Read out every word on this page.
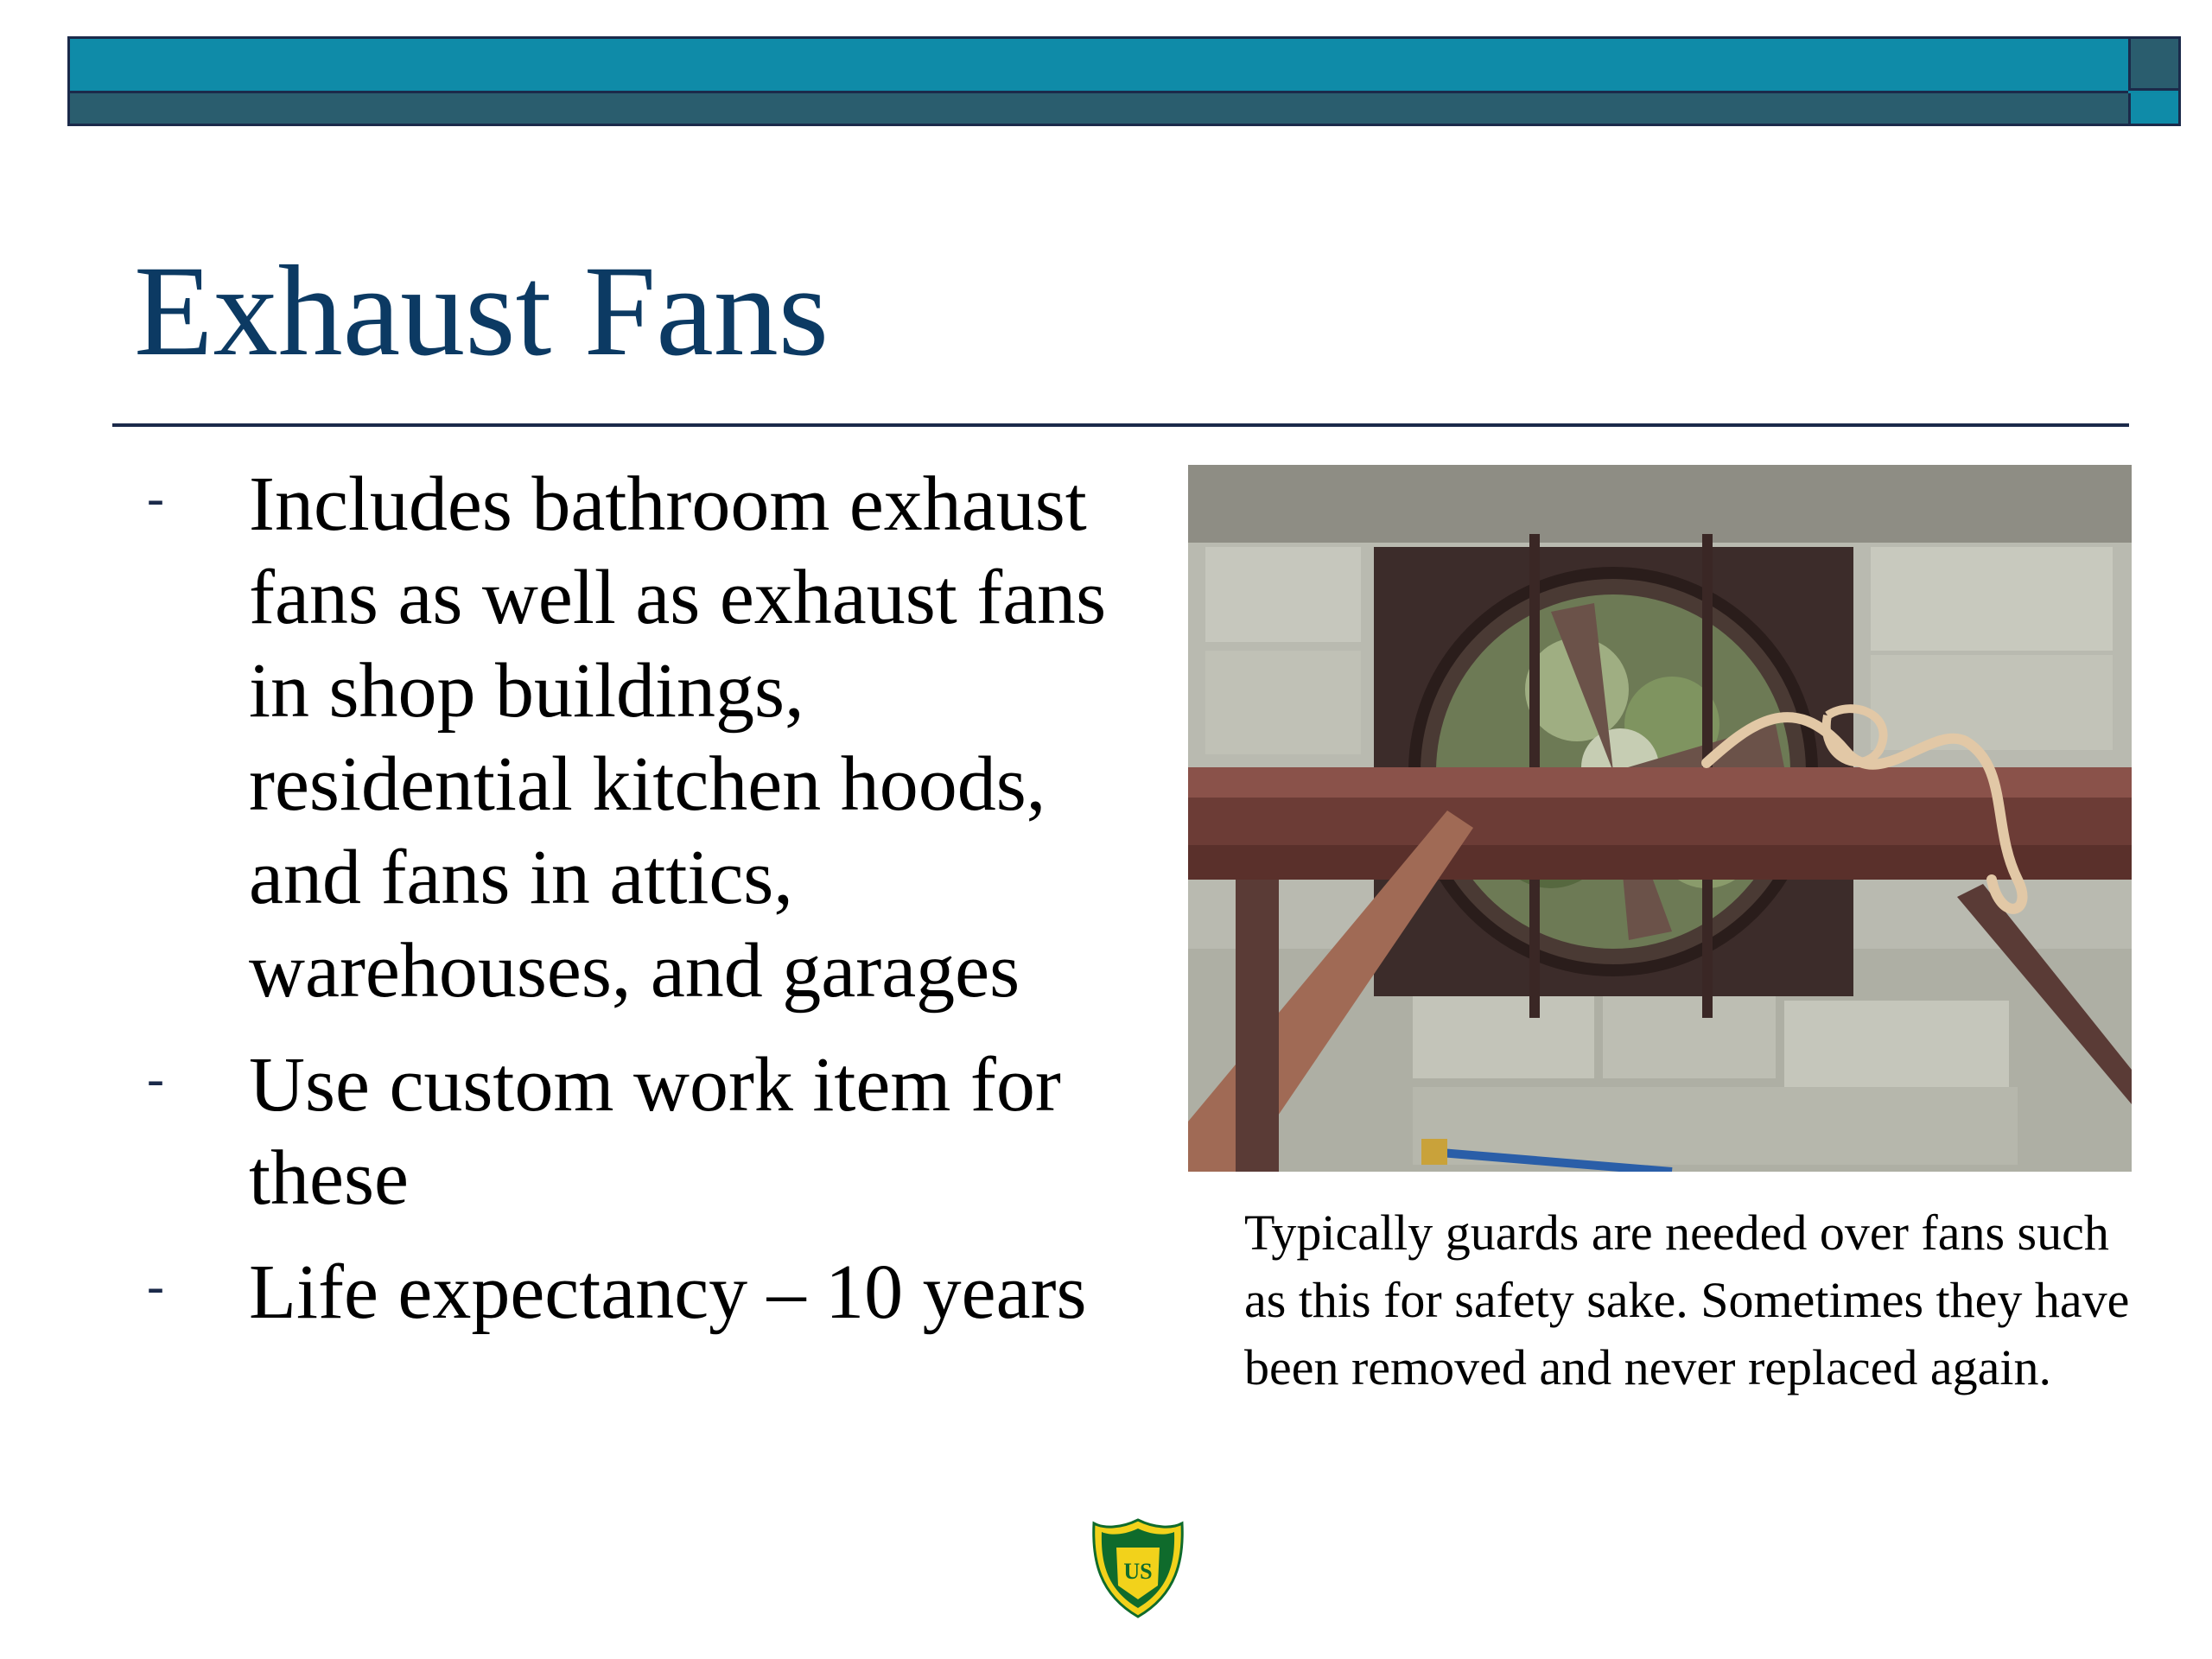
Exhaust Fans
- Includes bathroom exhaust fans as well as exhaust fans in shop buildings, residential kitchen hoods, and fans in attics, warehouses, and garages
- Use custom work item for these
- Life expectancy – 10 years

Typically guards are needed over fans such as this for safety sake. Sometimes they have been removed and never replaced again.

US
